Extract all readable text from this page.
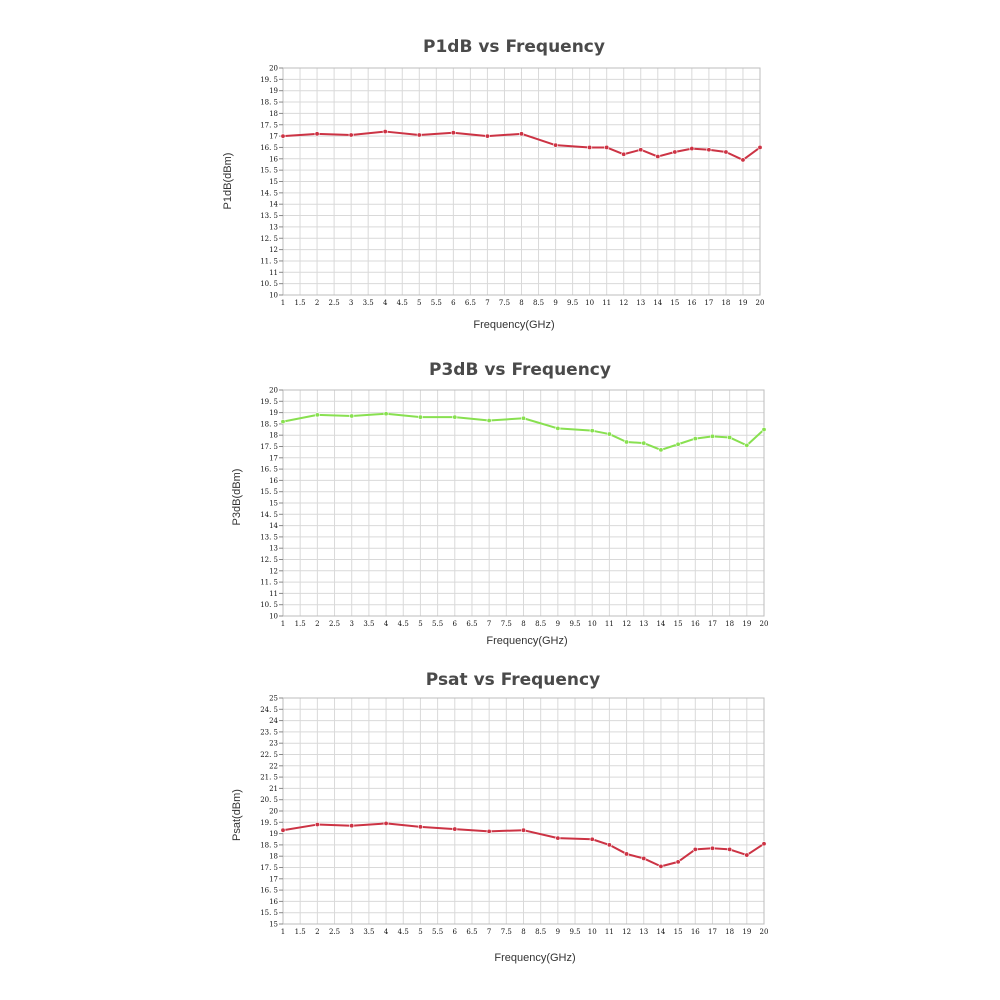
P1dB vs Frequency
10
10. 5
11
11. 5
12
12. 5
13
13. 5
14
14. 5
15
15. 5
16
16. 5
17
17. 5
18
18. 5
19
19. 5
20
1 1.5 2 2.5 3 3.5 4 4.5 5 5.5 6 6.5 7 7.5 8 8.5 9 9.5 10 11 12 13 14 15 16 17 18 19 20
Frequency(GHz)
P1dB(dBm)
P3dB vs Frequency
10
10. 5
11
11. 5
12
12. 5
13
13. 5
14
14. 5
15
15. 5
16
16. 5
17
17. 5
18
18. 5
19
19. 5
20
1 1.5 2 2.5 3 3.5 4 4.5 5 5.5 6 6.5 7 7.5 8 8.5 9 9.5 10 11 12 13 14 15 16 17 18 19 20
Frequency(GHz)
P3dB(dBm)
Psat vs Frequency
15
15. 5
16
16. 5
17
17. 5
18
18. 5
19
19. 5
20
20. 5
21
21. 5
22
22. 5
23
23. 5
24
24. 5
25
1 1.5 2 2.5 3 3.5 4 4.5 5 5.5 6 6.5 7 7.5 8 8.5 9 9.5 10 11 12 13 14 15 16 17 18 19 20
Frequency(GHz)
Psat(dBm)
